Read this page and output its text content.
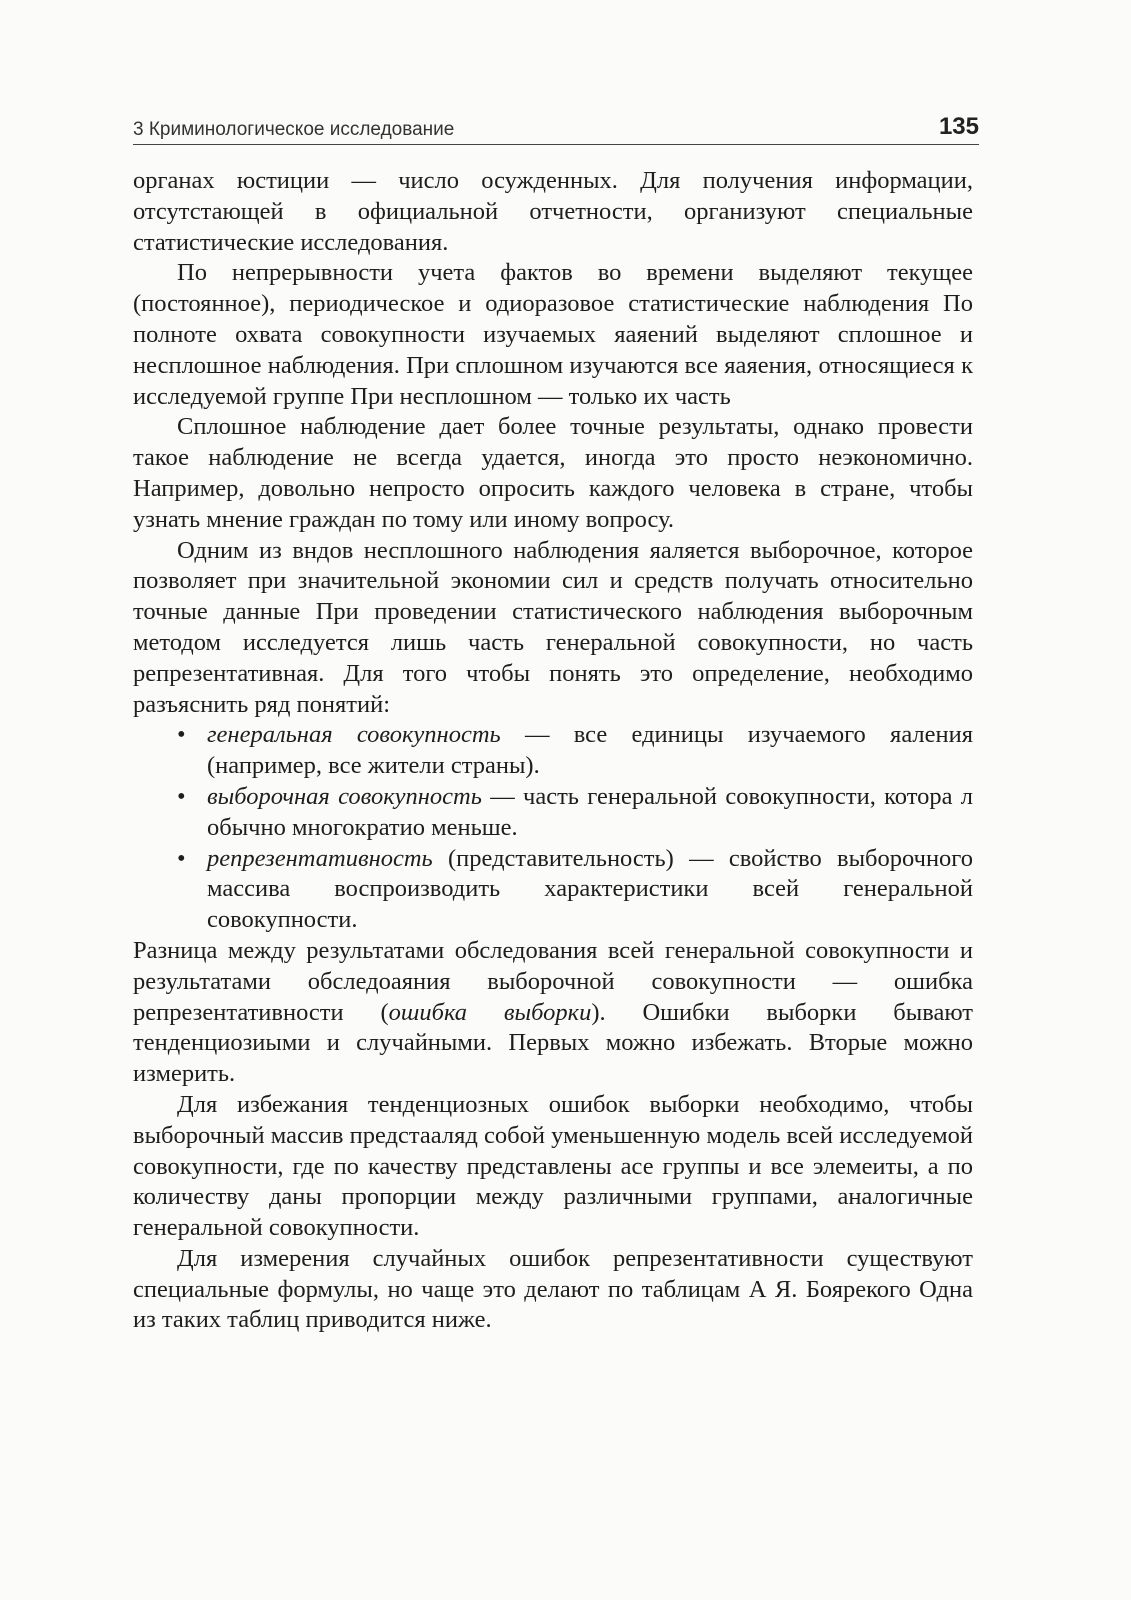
3 Криминологическое исследование	135

органах юстиции — число осужденных. Для получения информации, отсутстающей в официальной отчетности, организуют специальные статистические исследования.

По непрерывности учета фактов во времени выделяют текущее (постоянное), периодическое и одиоразовое статистические наблюдения По полноте охвата совокупности изучаемых яаяений выделяют сплошное и несплошное наблюдения. При сплошном изучаются все яаяения, относящиеся к исследуемой группе При несплошном — только их часть

Сплошное наблюдение дает более точные результаты, однако провести такое наблюдение не всегда удается, иногда это просто неэкономично. Например, довольно непросто опросить каждого человека в стране, чтобы узнать мнение граждан по тому или иному вопросу.

Одним из вндов несплошного наблюдения яаляется выборочное, которое позволяет при значительной экономии сил и средств получать относительно точные данные При проведении статистического наблюдения выборочным методом исследуется лишь часть генеральной совокупности, но часть репрезентативная. Для того чтобы понять это определение, необходимо разъяснить ряд понятий:

• генеральная совокупность — все единицы изучаемого яаления (например, все жители страны).
• выборочная совокупность — часть генеральной совокупности, котора л обычно многократио меньше.
• репрезентативность (представительность) — свойство выборочного массива воспроизводить характеристики всей генеральной совокупности.

Разница между результатами обследования всей генеральной совокупности и результатами обследоаяния выборочной совокупности — ошибка репрезентативности (ошибка выборки). Ошибки выборки бывают тенденциозиыми и случайными. Первых можно избежать. Вторые можно измерить.

Для избежания тенденциозных ошибок выборки необходимо, чтобы выборочный массив предстааляд собой уменьшенную модель всей исследуемой совокупности, где по качеству представлены асе группы и все элемеиты, а по количеству даны пропорции между различными группами, аналогичные генеральной совокупности.

Для измерения случайных ошибок репрезентативности существуют специальные формулы, но чаще это делают по таблицам А Я. Боярекого Одна из таких таблиц приводится ниже.
